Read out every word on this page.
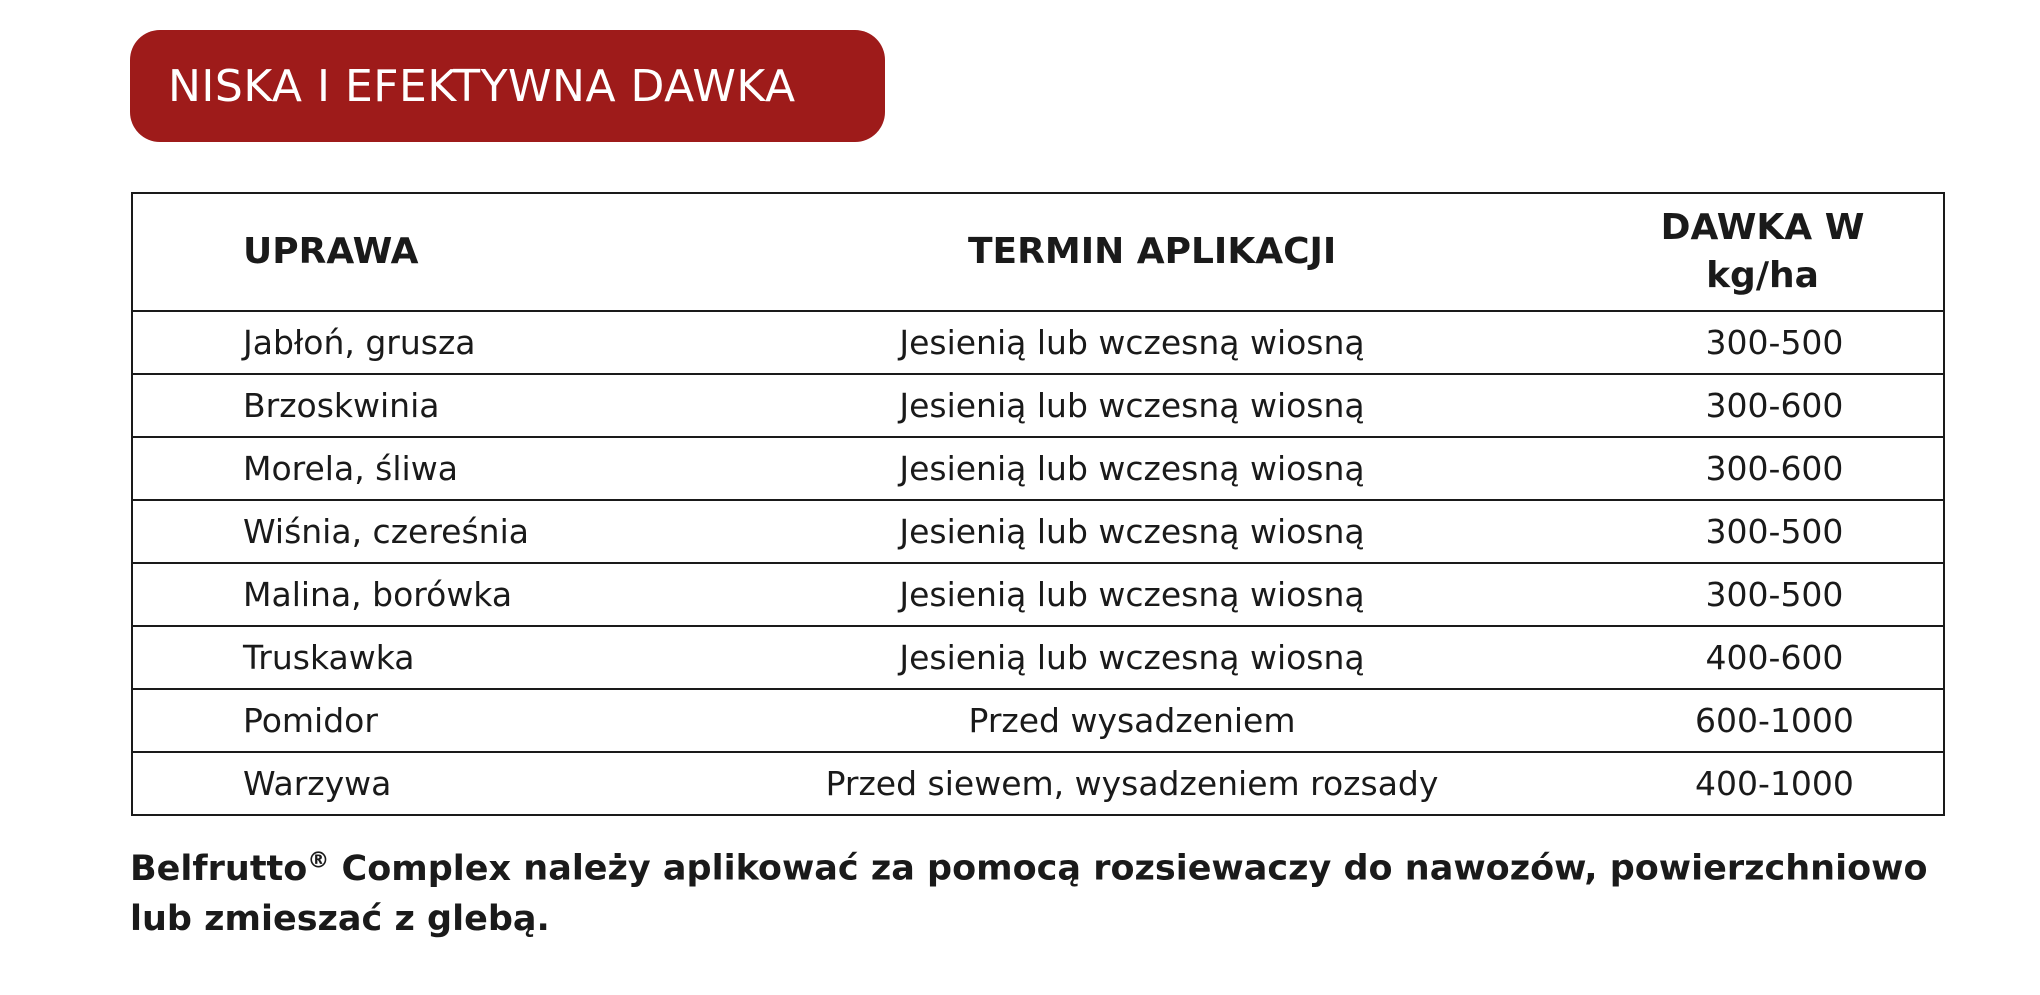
NISKA I EFEKTYWNA DAWKA
UPRAWA	TERMIN APLIKACJI	DAWKA W
kg/ha
Jabłoń, grusza	Jesienią lub wczesną wiosną	300-500
Brzoskwinia	Jesienią lub wczesną wiosną	300-600
Morela, śliwa	Jesienią lub wczesną wiosną	300-600
Wiśnia, czereśnia	Jesienią lub wczesną wiosną	300-500
Malina, borówka	Jesienią lub wczesną wiosną	300-500
Truskawka	Jesienią lub wczesną wiosną	400-600
Pomidor	Przed wysadzeniem	600-1000
Warzywa	Przed siewem, wysadzeniem rozsady	400-1000
Belfrutto® Complex należy aplikować za pomocą rozsiewaczy do nawozów, powierzchniowo lub zmieszać z glebą.
